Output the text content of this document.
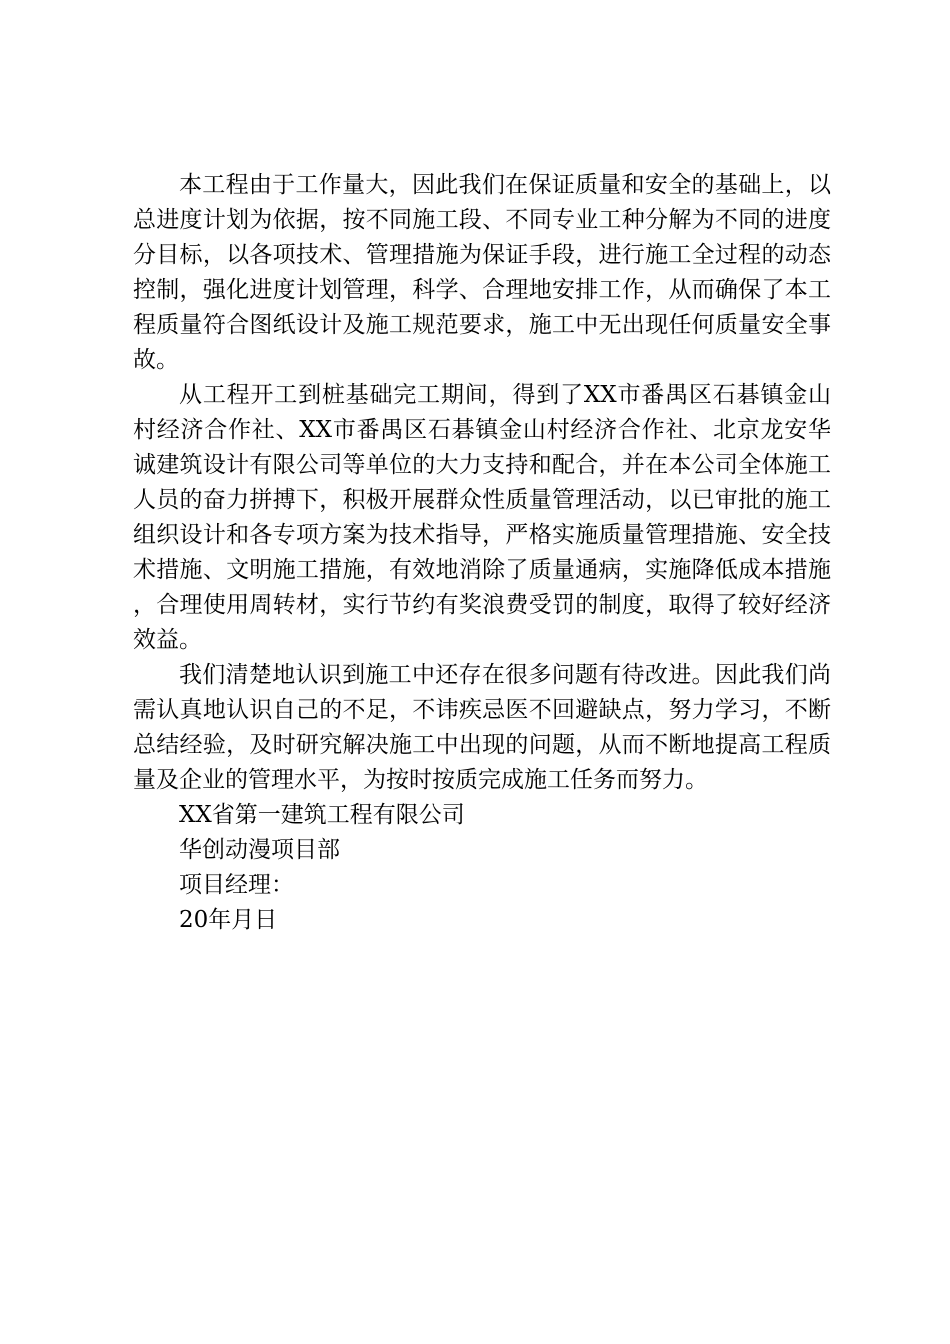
本工程由于工作量大，因此我们在保证质量和安全的基础上，以总进度计划为依据，按不同施工段、不同专业工种分解为不同的进度分目标，以各项技术、管理措施为保证手段，进行施工全过程的动态控制，强化进度计划管理，科学、合理地安排工作，从而确保了本工程质量符合图纸设计及施工规范要求，施工中无出现任何质量安全事故。

从工程开工到桩基础完工期间，得到了XX市番禺区石碁镇金山村经济合作社、XX市番禺区石碁镇金山村经济合作社、北京龙安华诚建筑设计有限公司等单位的大力支持和配合，并在本公司全体施工人员的奋力拼搏下，积极开展群众性质量管理活动，以已审批的施工组织设计和各专项方案为技术指导，严格实施质量管理措施、安全技术措施、文明施工措施，有效地消除了质量通病，实施降低成本措施，合理使用周转材，实行节约有奖浪费受罚的制度，取得了较好经济效益。

我们清楚地认识到施工中还存在很多问题有待改进。因此我们尚需认真地认识自己的不足，不讳疾忌医不回避缺点，努力学习，不断总结经验，及时研究解决施工中出现的问题，从而不断地提高工程质量及企业的管理水平，为按时按质完成施工任务而努力。

XX省第一建筑工程有限公司
华创动漫项目部
项目经理：
20年月日
